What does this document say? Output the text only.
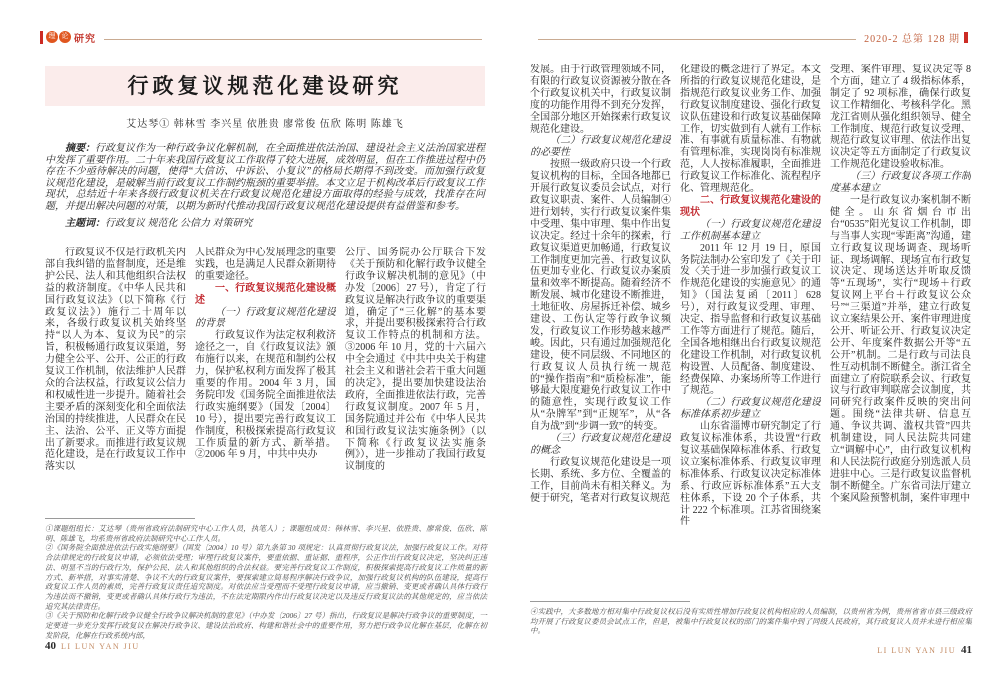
理 论 研究	2020-2 总第 128 期
行政复议规范化建设研究
艾达琴① 韩林雪 李兴星 依胜贵 廖常俊 伍欣 陈明 陈雄飞

摘要：行政复议作为一种行政争议化解机制，在全面推进依法治国、建设社会主义法治国家进程中发挥了重要作用。二十年来我国行政复议工作取得了较大进展，成效明显，但在工作推进过程中仍存在不少亟待解决的问题，使得“大信访、中诉讼、小复议”的格局长期得不到改变。而加强行政复议规范化建设，是破解当前行政复议工作制约瓶颈的重要举措。本文立足于机构改革后行政复议工作现状，总结近十年来各级行政复议机关在行政复议规范化建设方面取得的经验与成效，找准存在问题，并提出解决问题的对策，以期为新时代推动我国行政复议规范化建设提供有益借鉴和参考。

主题词：行政复议 规范化 公信力 对策研究

行政复议不仅是行政机关内部自我纠错的监督制度，还是维护公民、法人和其他组织合法权益的救济制度。《中华人民共和国行政复议法》（以下简称《行政复议法》）施行二十周年以来，各级行政复议机关始终坚持“以人为本、复议为民”的宗旨，积极畅通行政复议渠道，努力健全公平、公开、公正的行政复议工作机制，依法维护人民群众的合法权益，行政复议公信力和权威性进一步提升。随着社会主要矛盾的深刻变化和全面依法治国的持续推进，人民群众在民主、法治、公平、正义等方面提出了新要求。而推进行政复议规范化建设，是在行政复议工作中落实以
人民群众为中心发展理念的重要实践，也是满足人民群众新期待的重要途径。
一、行政复议规范化建设概述
（一）行政复议规范化建设的背景
行政复议作为法定权利救济途径之一，自《行政复议法》颁布施行以来，在规范和制约公权力，保护私权利方面发挥了极其重要的作用。2004 年 3 月，国务院印发《国务院全面推进依法行政实施纲要》（国发〔2004〕10 号），提出要完善行政复议工作制度，积极探索提高行政复议工作质量的新方式、新举措。②2006 年 9 月，中共中央办
公厅、国务院办公厅联合下发《关于预防和化解行政争议健全行政争议解决机制的意见》（中办发〔2006〕27 号），肯定了行政复议是解决行政争议的重要渠道，确定了“三化解”的基本要求，并提出要积极探索符合行政复议工作特点的机制和方法。③2006 年 10 月，党的十六届六中全会通过《中共中央关于构建社会主义和谐社会若干重大问题的决定》，提出要加快建设法治政府，全面推进依法行政，完善行政复议制度。2007 年 5 月，国务院通过并公布《中华人民共和国行政复议法实施条例》（以下简称《行政复议法实施条例》），进一步推动了我国行政复议制度的
①课题组组长：艾达琴（贵州省政府法制研究中心工作人员，执笔人）；课题组成员：韩林雪、李兴星、依胜贵、廖常俊、伍欣、陈明、陈雄飞，均系贵州省政府法制研究中心工作人员。
②《国务院全面推进依法行政实施纲要》（国发〔2004〕10 号）第九条第 30 项规定：认真贯彻行政复议法，加强行政复议工作。对符合法律规定的行政复议申请，必须依法受理；审理行政复议案件，要重依据、重证据、重程序，公正作出行政复议决定，坚决纠正违法、明显不当的行政行为，保护公民、法人和其他组织的合法权益。要完善行政复议工作制度，积极探索提高行政复议工作质量的新方式、新举措，对事实清楚、争议不大的行政复议案件，要探索建立简易程序解决行政争议，加强行政复议机构的队伍建设，提高行政复议工作人员的素质，完善行政复议责任追究制度。对依法应当受理而不受理行政复议申请，应当撤销、变更或者确认具体行政行为违法而不撤销，变更或者确认具体行政行为违法，不在法定期限内作出行政复议决定以及违反行政复议法的其他规定的，应当依法追究其法律责任。
③《关于预防和化解行政争议健全行政争议解决机制的意见》（中办发〔2006〕27 号）指出，行政复议是解决行政争议的重要制度，一定要进一步充分发挥行政复议在解决行政争议、建设法治政府、构建和谐社会中的重要作用，努力把行政争议化解在基层，化解在初发阶段，化解在行政系统内部，
40 LI LUN YAN JIU
发展。由于行政管理领域不同，有限的行政复议资源被分散在各个行政复议机关中，行政复议制度的功能作用得不到充分发挥，全国部分地区开始探索行政复议规范化建设。
（二）行政复议规范化建设的必要性
按照一级政府只设一个行政复议机构的目标，全国各地都已开展行政复议委员会试点，对行政复议职责、案件、人员编制④进行划转，实行行政复议案件集中受理、集中审理、集中作出复议决定。经过十余年的探索，行政复议渠道更加畅通，行政复议工作制度更加完善、行政复议队伍更加专业化、行政复议办案质量和效率不断提高。随着经济不断发展、城市化建设不断推进，土地征收、房屋拆迁补偿、城乡建设、工伤认定等行政争议频发，行政复议工作形势越来越严峻。因此，只有通过加强规范化建设，使不同层级、不同地区的行政复议人员执行统一规范的“操作指南”和“质检标准”，能够最大限度避免行政复议工作中的随意性，实现行政复议工作从“杂牌军”到“正规军”，从“各自为战”到“步调一致”的转变。
（三）行政复议规范化建设的概念
行政复议规范化建设是一项长期、系统、多方位、全覆盖的工作，目前尚未有相关释义。为便于研究，笔者对行政复议规范
化建设的概念进行了界定。本文所指的行政复议规范化建设，是指规范行政复议业务工作、加强行政复议制度建设、强化行政复议队伍建设和行政复议基础保障工作，切实做到有人就有工作标准、有事就有质量标准、有物就有管理标准，实现岗岗有标准规范，人人按标准履职，全面推进行政复议工作标准化、流程程序化、管理规范化。
二、行政复议规范化建设的现状
（一）行政复议规范化建设工作机制基本建立
2011 年 12 月 19 日，原国务院法制办公室印发了《关于印发〈关于进一步加强行政复议工作规范化建设的实施意见〉的通知》（国法复函〔2011〕628 号），对行政复议受理、审理、决定、指导监督和行政复议基础工作等方面进行了规范。随后，全国各地相继出台行政复议规范化建设工作机制，对行政复议机构设置、人员配备、制度建设、经费保障、办案场所等工作进行了规范。
（二）行政复议规范化建设标准体系初步建立
山东省淄博市研究制定了行政复议标准体系，共设置“行政复议基础保障标准体系、行政复议立案标准体系、行政复议审理标准体系、行政复议决定标准体系、行政应诉标准体系”五大支柱体系，下设 20 个子体系，共计 222 个标准项。江苏省围绕案件
受理、案件审理、复议决定等 8 个方面，建立了 4 级指标体系，制定了 92 项标准，确保行政复议工作精细化、考核科学化。黑龙江省则从强化组织领导、健全工作制度、规范行政复议受理、规范行政复议审理、依法作出复议决定等五方面制定了行政复议工作规范化建设验收标准。
（三）行政复议各项工作制度基本建立
一是行政复议办案机制不断健全。山东省烟台市出台“0535”阳光复议工作机制，即与当事人实现“零距离”沟通，建立行政复议现场调查、现场听证、现场调解、现场宣布行政复议决定、现场送达并听取反馈等“五现场”，实行“现场＋行政复议网上平台＋行政复议公众号”“三渠道”并举，建立行政复议立案结果公开、案件审理进度公开、听证公开、行政复议决定公开、年度案件数据公开等“五公开”机制。二是行政与司法良性互动机制不断健全。浙江省全面建立了府院联系会议、行政复议与行政审判联席会议制度，共同研究行政案件反映的突出问题。围绕“法律共研、信息互通、争议共调、滥权共管”四共机制建设，同人民法院共同建立“调解中心”，由行政复议机构和人民法院行政庭分别选派人员进驻中心。三是行政复议监督机制不断健全。广东省司法厅建立个案风险预警机制，案件审理中
④实践中，大多数地方相对集中行政复议权后没有实质性增加行政复议机构相应的人员编制，以贵州省为例，贵州省省市县三级政府均开展了行政复议委员会试点工作，但是，被集中行政复议权的部门的案件集中到了同级人民政府，其行政复议人员并未进行相应集中。
LI LUN YAN JIU 41
